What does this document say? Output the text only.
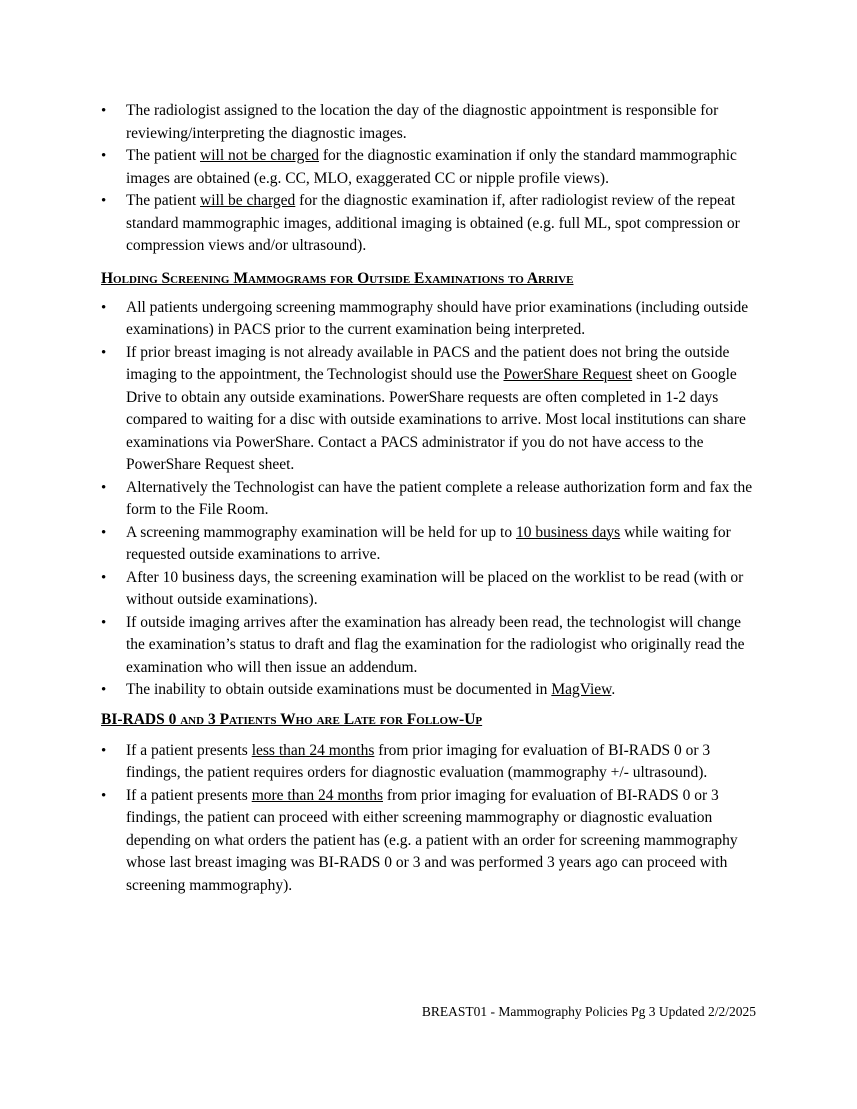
• The radiologist assigned to the location the day of the diagnostic appointment is responsible for reviewing/interpreting the diagnostic images.
• The patient will not be charged for the diagnostic examination if only the standard mammographic images are obtained (e.g. CC, MLO, exaggerated CC or nipple profile views).
• The patient will be charged for the diagnostic examination if, after radiologist review of the repeat standard mammographic images, additional imaging is obtained (e.g. full ML, spot compression or compression views and/or ultrasound).
Holding Screening Mammograms for Outside Examinations to Arrive
• All patients undergoing screening mammography should have prior examinations (including outside examinations) in PACS prior to the current examination being interpreted.
• If prior breast imaging is not already available in PACS and the patient does not bring the outside imaging to the appointment, the Technologist should use the PowerShare Request sheet on Google Drive to obtain any outside examinations. PowerShare requests are often completed in 1-2 days compared to waiting for a disc with outside examinations to arrive. Most local institutions can share examinations via PowerShare. Contact a PACS administrator if you do not have access to the PowerShare Request sheet.
• Alternatively the Technologist can have the patient complete a release authorization form and fax the form to the File Room.
• A screening mammography examination will be held for up to 10 business days while waiting for requested outside examinations to arrive.
• After 10 business days, the screening examination will be placed on the worklist to be read (with or without outside examinations).
• If outside imaging arrives after the examination has already been read, the technologist will change the examination’s status to draft and flag the examination for the radiologist who originally read the examination who will then issue an addendum.
• The inability to obtain outside examinations must be documented in MagView.
BI-RADS 0 and 3 Patients Who are Late for Follow-Up
• If a patient presents less than 24 months from prior imaging for evaluation of BI-RADS 0 or 3 findings, the patient requires orders for diagnostic evaluation (mammography +/- ultrasound).
• If a patient presents more than 24 months from prior imaging for evaluation of BI-RADS 0 or 3 findings, the patient can proceed with either screening mammography or diagnostic evaluation depending on what orders the patient has (e.g. a patient with an order for screening mammography whose last breast imaging was BI-RADS 0 or 3 and was performed 3 years ago can proceed with screening mammography).
BREAST01 - Mammography Policies Pg 3 Updated 2/2/2025
